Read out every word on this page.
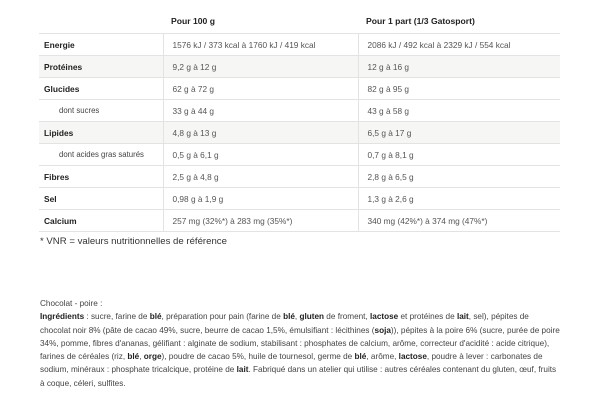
	Pour 100 g	Pour 1 part (1/3 Gatosport)
Energie	1576 kJ / 373 kcal à 1760 kJ / 419 kcal	2086 kJ / 492 kcal à 2329 kJ / 554 kcal
Protéines	9,2 g à 12 g	12 g à 16 g
Glucides	62 g à 72 g	82 g à 95 g
dont sucres	33 g à 44 g	43 g à 58 g
Lipides	4,8 g à 13 g	6,5 g à 17 g
dont acides gras saturés	0,5 g à 6,1 g	0,7 g à 8,1 g
Fibres	2,5 g à 4,8 g	2,8 g à 6,5 g
Sel	0,98 g à 1,9 g	1,3 g à 2,6 g
Calcium	257 mg (32%*) à 283 mg (35%*)	340 mg (42%*) à 374 mg (47%*)
* VNR = valeurs nutritionnelles de référence
Chocolat - poire :
Ingrédients : sucre, farine de blé, préparation pour pain (farine de blé, gluten de froment, lactose et protéines de lait, sel), pépites de chocolat noir 8% (pâte de cacao 49%, sucre, beurre de cacao 1,5%, émulsifiant : lécithines (soja)), pépites à la poire 6% (sucre, purée de poire 34%, pomme, fibres d'ananas, gélifiant : alginate de sodium, stabilisant : phosphates de calcium, arôme, correcteur d'acidité : acide citrique), farines de céréales (riz, blé, orge), poudre de cacao 5%, huile de tournesol, germe de blé, arôme, lactose, poudre à lever : carbonates de sodium, minéraux : phosphate tricalcique, protéine de lait. Fabriqué dans un atelier qui utilise : autres céréales contenant du gluten, œuf, fruits à coque, céleri, sulfites.
